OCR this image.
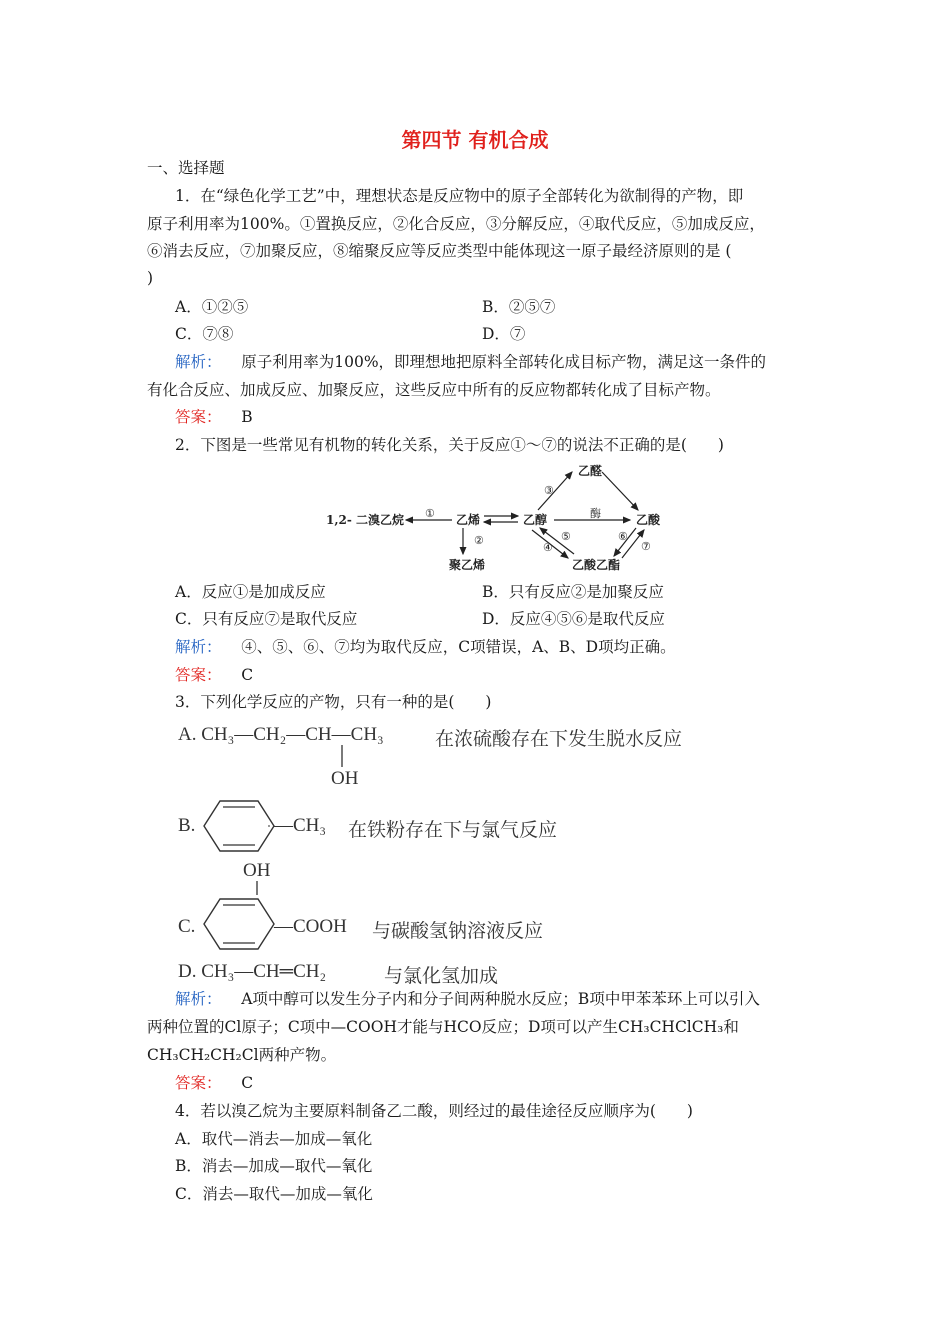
第四节 有机合成
一、选择题
1．在“绿色化学工艺”中，理想状态是反应物中的原子全部转化为欲制得的产物，即
原子利用率为100%。①置换反应，②化合反应，③分解反应，④取代反应，⑤加成反应，
⑥消去反应，⑦加聚反应，⑧缩聚反应等反应类型中能体现这一原子最经济原则的是 (
)
A．①②⑤	B．②⑤⑦
C．⑦⑧	D．⑦
解析： 原子利用率为100%，即理想地把原料全部转化成目标产物，满足这一条件的
有化合反应、加成反应、加聚反应，这些反应中所有的反应物都转化成了目标产物。
答案： B
2．下图是一些常见有机物的转化关系，关于反应①～⑦的说法不正确的是(　　)
1,2- 二溴乙烷	乙烯	乙醇
乙醛
乙酸
乙酸乙酯
聚乙烯
①
②
③
④
⑤	⑥
⑦
酶
A．反应①是加成反应	B．只有反应②是加聚反应
C．只有反应⑦是取代反应	D．反应④⑤⑥是取代反应
解析： ④、⑤、⑥、⑦均为取代反应，C项错误，A、B、D项均正确。
答案： C
3．下列化学反应的产物，只有一种的是(　　)
A. CH₃—CH₂—CH—CH₃	在浓硫酸存在下发生脱水反应
OH
B.	—CH₃ 在铁粉存在下与氯气反应
OH
C.	—COOH 与碳酸氢钠溶液反应
D. CH₃—CH═CH₂	与氯化氢加成
解析： A项中醇可以发生分子内和分子间两种脱水反应；B项中甲苯苯环上可以引入
两种位置的Cl原子；C项中—COOH才能与HCO反应；D项可以产生CH₃CHClCH₃和
CH₃CH₂CH₂Cl两种产物。
答案： C
4．若以溴乙烷为主要原料制备乙二酸，则经过的最佳途径反应顺序为(　　)
A．取代—消去—加成—氧化
B．消去—加成—取代—氧化
C．消去—取代—加成—氧化
